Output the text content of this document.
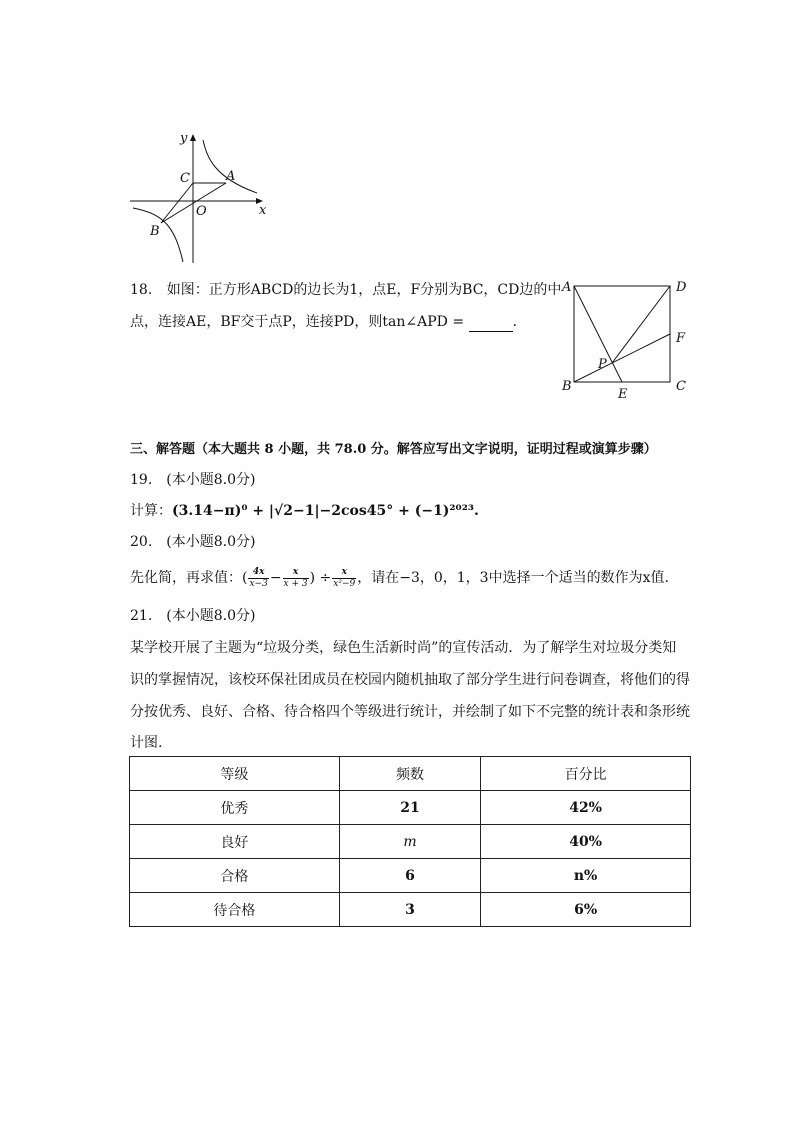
y
x
C	A
O
B
18. 如图：正方形ABCD的边长为1，点E，F分别为BC，CD边的中
点，连接AE，BF交于点P，连接PD，则tan∠APD =	.
A	D
F
P
B
E
C
三、解答题（本大题共 8 小题，共 78.0 分。解答应写出文字说明，证明过程或演算步骤）
19.　(本小题8.0分)
计算：(3.14−π)⁰ + |√2−1|−2cos45° + (−1)²⁰²³.
20.　(本小题8.0分)
先化简，再求值：( $\frac{4x}{x-3} - \frac{x}{x + 3}$ ) ÷ $\frac{x}{\text{x²−9}}$ ，请在−3，0，1，3中选择一个适当的数作为x值.
21.　(本小题8.0分)
某学校开展了主题为“垃圾分类，绿色生活新时尚”的宣传活动．为了解学生对垃圾分类知
识的掌握情况，该校环保社团成员在校园内随机抽取了部分学生进行问卷调查，将他们的得
分按优秀、良好、合格、待合格四个等级进行统计，并绘制了如下不完整的统计表和条形统
计图.
等级	频数	百分比
优秀	21	42%
良好	m	40%
合格	6	n%
待合格	3	6%
